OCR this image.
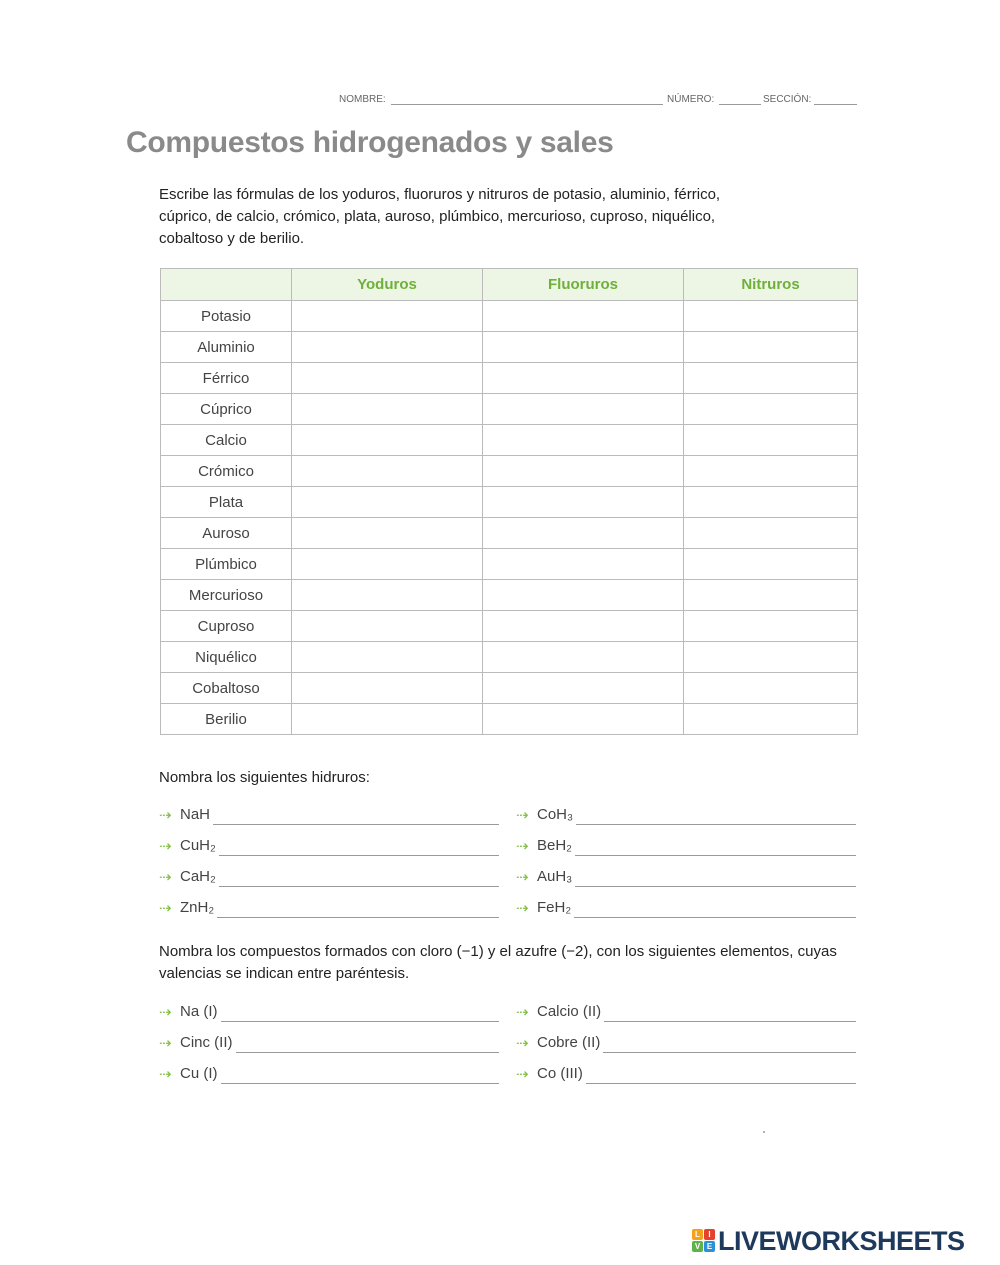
NOMBRE:	NÚMERO:	SECCIÓN:
Compuestos hidrogenados y sales

Escribe las fórmulas de los yoduros, fluoruros y nitruros de potasio, aluminio, férrico, cúprico, de calcio, crómico, plata, auroso, plúmbico, mercurioso, cuproso, niquélico, cobaltoso y de berilio.

	Yoduros	Fluoruros	Nitruros
Potasio			
Aluminio			
Férrico			
Cúprico			
Calcio			
Crómico			
Plata			
Auroso			
Plúmbico			
Mercurioso			
Cuproso			
Niquélico			
Cobaltoso			
Berilio			

Nombra los siguientes hidruros:

⇢ NaH
⇢ CuH₂
⇢ CaH₂
⇢ ZnH₂
⇢ CoH₃
⇢ BeH₂
⇢ AuH₃
⇢ FeH₂

Nombra los compuestos formados con cloro (−1) y el azufre (−2), con los siguientes elementos, cuyas valencias se indican entre paréntesis.

⇢ Na (I)
⇢ Cinc (II)
⇢ Cu (I)
⇢ Calcio (II)
⇢ Cobre (II)
⇢ Co (III)
L	I
V E LIVEWORKSHEETS
